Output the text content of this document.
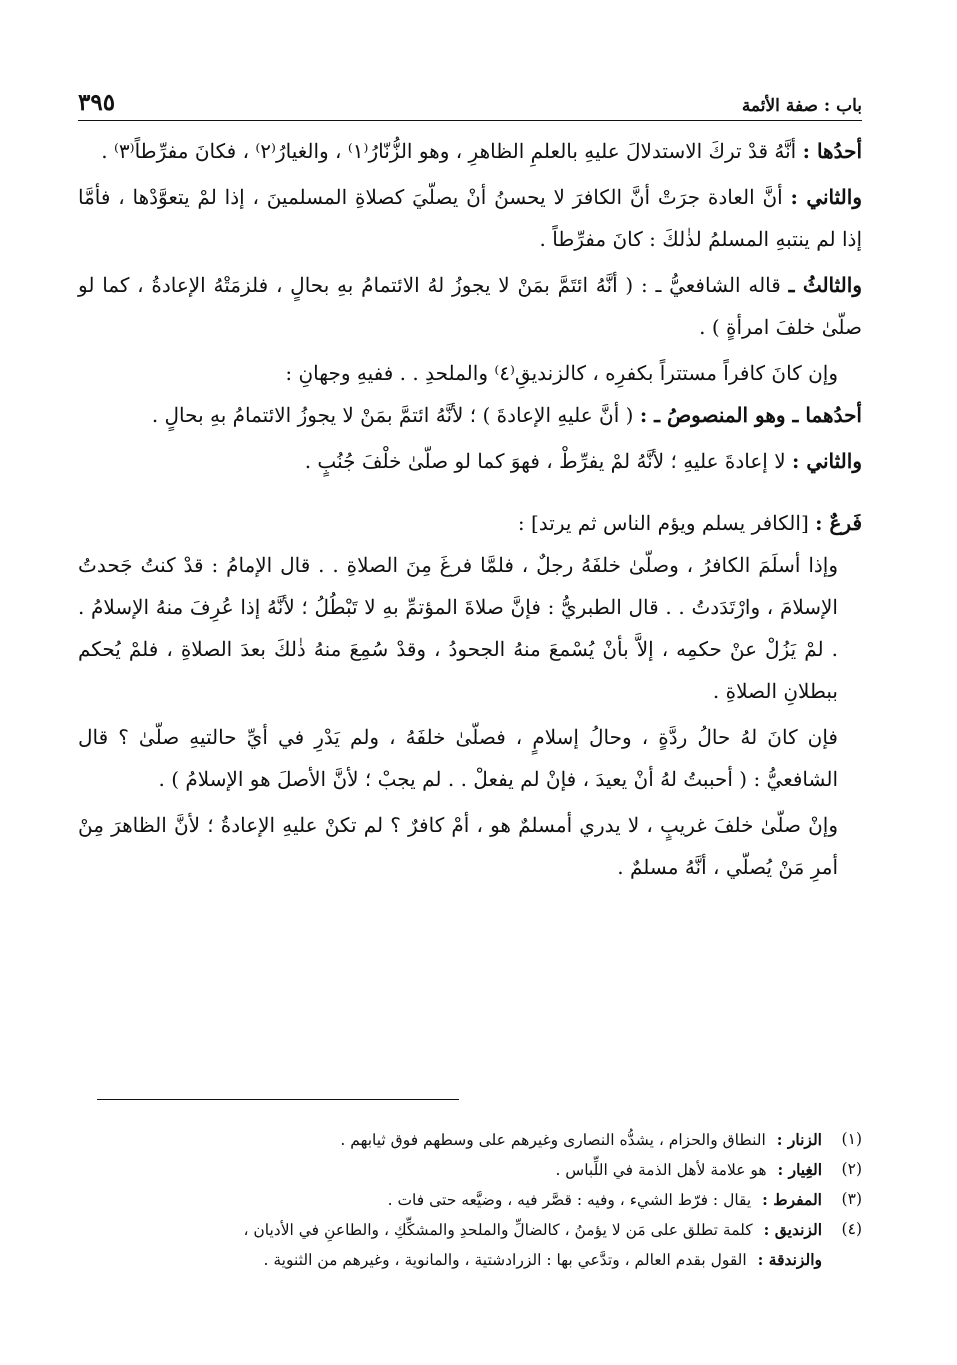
باب : صفة الأئمة
٣٩٥

أحدُها : أنَّهُ قدْ تركَ الاستدلالَ عليهِ بالعلمِ الظاهرِ ، وهو الزُّنّارُ⁽١⁾ ، والغيارُ⁽٢⁾ ، فكانَ مفرِّطاً⁽٣⁾ .

والثاني : أنَّ العادة جرَتْ أنَّ الكافرَ لا يحسنُ أنْ يصلّيَ كصلاةِ المسلمينَ ، إذا لمْ يتعوَّدْها ، فأمَّا إذا لم ينتبهِ المسلمُ لذٰلكَ : كانَ مفرِّطاً .

والثالثُ ـ قاله الشافعيُّ ـ : ( أنَّهُ ائتَمَّ بمَنْ لا يجوزُ لهُ الائتمامُ بهِ بحالٍ ، فلزمَتْهُ الإعادةُ ، كما لو صلّىٰ خلفَ امرأةٍ ) .

وإن كانَ كافراً مستتراً بكفرِه ، كالزنديقِ⁽٤⁾ والملحدِ . . ففيهِ وجهانِ :

أحدُهما ـ وهو المنصوصُ ـ : ( أنَّ عليهِ الإعادةَ ) ؛ لأنَّهُ ائتمَّ بمَنْ لا يجوزُ الائتمامُ بهِ بحالٍ .

والثاني : لا إعادةَ عليهِ ؛ لأنَّهُ لمْ يفرِّطْ ، فهوَ كما لو صلّىٰ خلْفَ جُنُبٍ .

فَرعٌ : [الكافر يسلم ويؤم الناس ثم يرتد] :

وإذا أسلَمَ الكافرُ ، وصلّىٰ خلفَهُ رجلٌ ، فلمَّا فرغَ مِنَ الصلاةِ . . قال الإمامُ : قدْ كنتُ جَحدتُ الإسلامَ ، وارْتَدَدتُ . . قال الطبريُّ : فإنَّ صلاةَ المؤتمِّ بهِ لا تَبْطُلُ ؛ لأنَّهُ إذا عُرِفَ منهُ الإسلامُ . . لمْ يَزُلْ عنْ حكمِه ، إلاَّ بأنْ يُسْمعَ منهُ الجحودُ ، وقدْ سُمِعَ منهُ ذٰلكَ بعدَ الصلاةِ ، فلمْ يُحكم ببطلانِ الصلاةِ .

فإن كانَ لهُ حالُ ردَّةٍ ، وحالُ إسلامٍ ، فصلّىٰ خلفَهُ ، ولم يَدْرِ في أيِّ حالتيهِ صلّىٰ ؟ قال الشافعيُّ : ( أحببتُ لهُ أنْ يعيدَ ، فإنْ لم يفعلْ . . لم يجبْ ؛ لأنَّ الأصلَ هو الإسلامُ ) .

وإنْ صلّىٰ خلفَ غريبٍ ، لا يدري أمسلمٌ هو ، أمْ كافرٌ ؟ لم تكنْ عليهِ الإعادةُ ؛ لأنَّ الظاهرَ مِنْ أمرِ مَنْ يُصلّي ، أنَّهُ مسلمٌ .

(١)
الزنار : النطاق والحزام ، يشدُّه النصارى وغيرهم على وسطهم فوق ثيابهم .
(٢)
الغِيار : هو علامة لأهل الذمة في اللِّباس .
(٣)
المفرط : يقال : فرّط الشيء ، وفيه : قصَّر فيه ، وضيَّعه حتى فات .
(٤)
الزنديق : كلمة تطلق على مَن لا يؤمنُ ، كالضالِّ والملحدِ والمشكِّكِ ، والطاعنِ في الأديان ،
والزندقة : القول بقدم العالم ، وتدَّعي بها : الزرادشتية ، والمانوية ، وغيرهم من الثنوية .
